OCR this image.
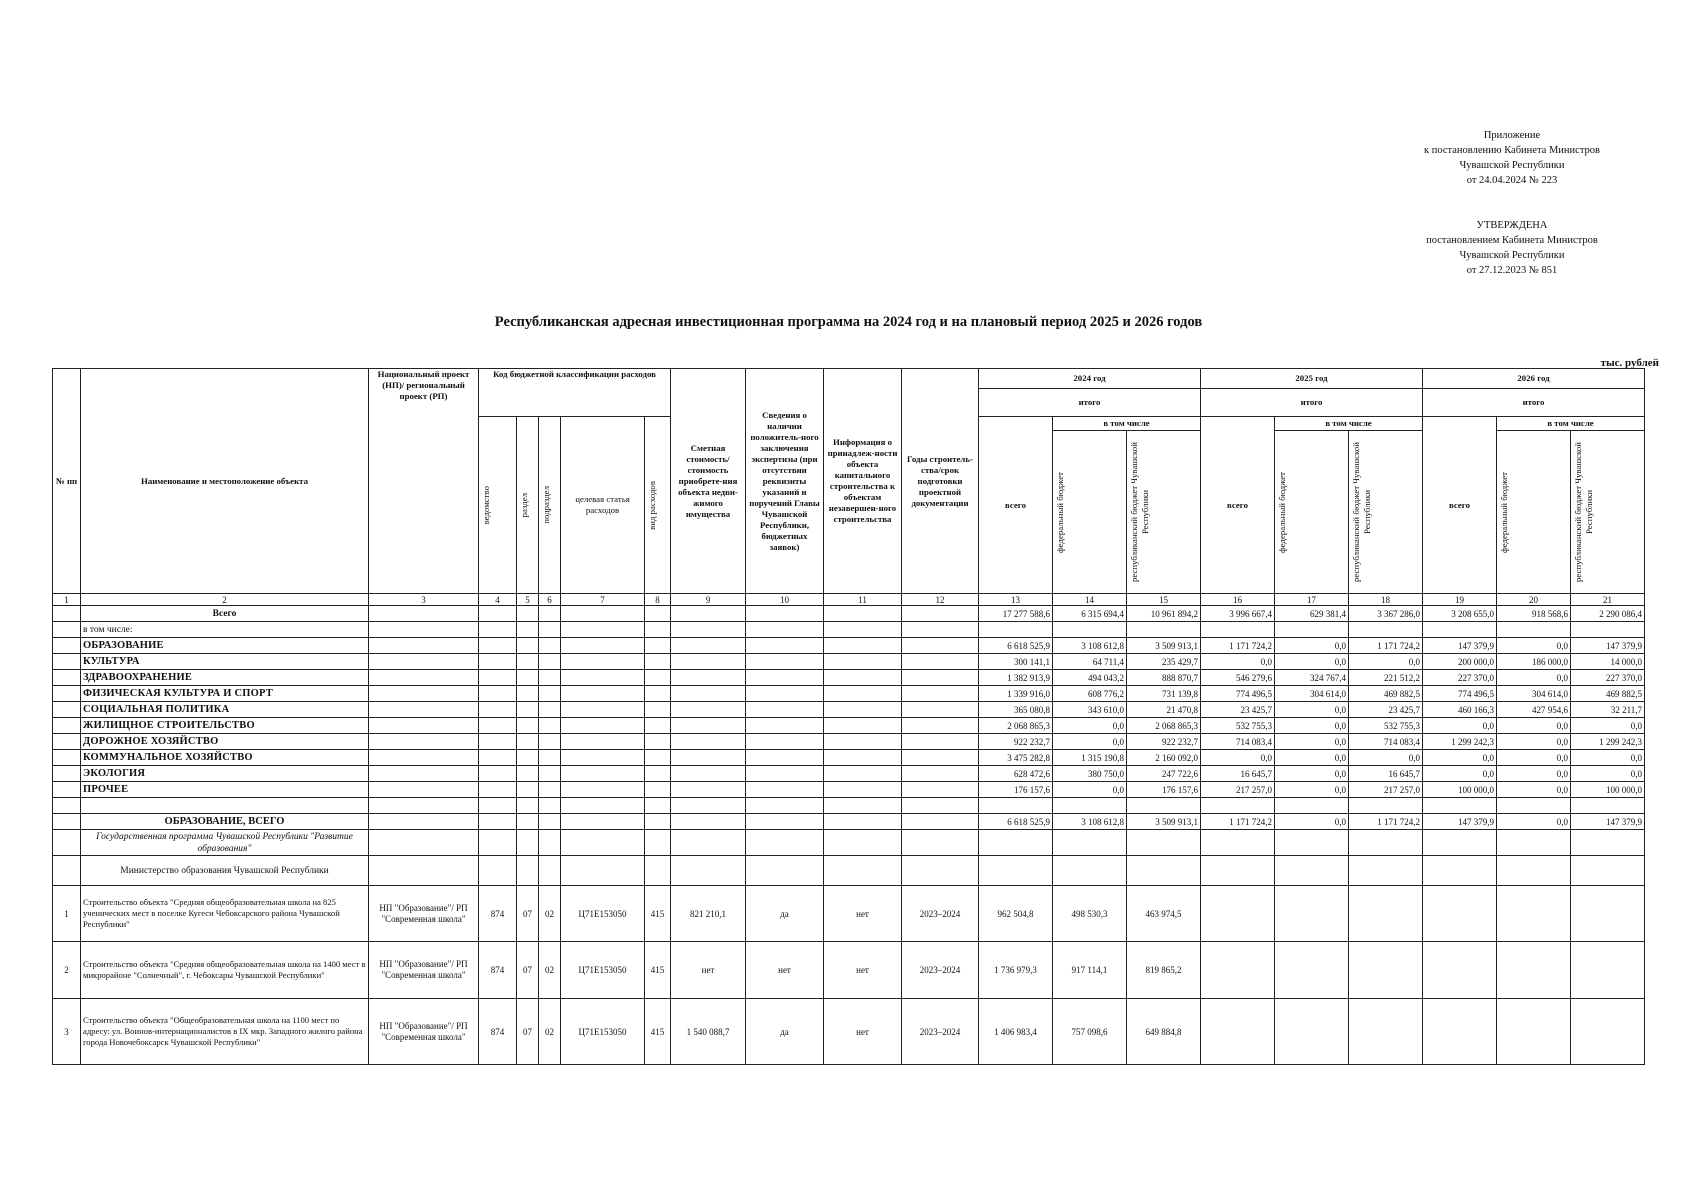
Приложение
к постановлению Кабинета Министров
Чувашской Республики
от 24.04.2024 № 223
УТВЕРЖДЕНА
постановлением Кабинета Министров
Чувашской Республики
от 27.12.2023 № 851
Республиканская адресная инвестиционная программа на 2024 год и на плановый период 2025 и 2026 годов
тыс. рублей
№ пп	Наименование и местоположение объекта	Национальный проект (НП)/ региональный проект (РП)	Код бюджетной классификации расходов					Сметная стоимость/ стоимость приобрете-ния объекта недви-жимого имущества	Сведения о наличии положитель-ного заключения экспертизы (при отсутствии реквизиты указаний и поручений Главы Чувашской Республики, бюджетных заявок)	Информация о принадлеж-ности объекта капитального строительства к объектам незавершен-ного строительства	Годы строитель-ства/срок подготовки проектной документации	2024 год			2025 год			2026 год		
												итого			итого			итого		

			ведомство	раздел	подраздел	целевая статья расходов	вид расходов					всего	в том числе		всего	в том числе		всего	в том числе	

													федеральный бюджет	республиканский бюджет Чувашской Республики		федеральный бюджет	республиканский бюджет Чувашской Республики		федеральный бюджет	республиканский бюджет Чувашской Республики

1	2	3	4	5	6	7	8	9	10	11	12	13	14	15	16	17	18	19	20	21
	Всего											17 277 588,6	6 315 694,4	10 961 894,2	3 996 667,4	629 381,4	3 367 286,0	3 208 655,0	918 568,6	2 290 086,4
	в том числе:																			
	ОБРАЗОВАНИЕ											6 618 525,9	3 108 612,8	3 509 913,1	1 171 724,2	0,0	1 171 724,2	147 379,9	0,0	147 379,9
	КУЛЬТУРА											300 141,1	64 711,4	235 429,7	0,0	0,0	0,0	200 000,0	186 000,0	14 000,0
	ЗДРАВООХРАНЕНИЕ											1 382 913,9	494 043,2	888 870,7	546 279,6	324 767,4	221 512,2	227 370,0	0,0	227 370,0
	ФИЗИЧЕСКАЯ КУЛЬТУРА И СПОРТ											1 339 916,0	608 776,2	731 139,8	774 496,5	304 614,0	469 882,5	774 496,5	304 614,0	469 882,5
	СОЦИАЛЬНАЯ ПОЛИТИКА											365 080,8	343 610,0	21 470,8	23 425,7	0,0	23 425,7	460 166,3	427 954,6	32 211,7
	ЖИЛИЩНОЕ СТРОИТЕЛЬСТВО											2 068 865,3	0,0	2 068 865,3	532 755,3	0,0	532 755,3	0,0	0,0	0,0
	ДОРОЖНОЕ ХОЗЯЙСТВО											922 232,7	0,0	922 232,7	714 083,4	0,0	714 083,4	1 299 242,3	0,0	1 299 242,3
	КОММУНАЛЬНОЕ ХОЗЯЙСТВО											3 475 282,8	1 315 190,8	2 160 092,0	0,0	0,0	0,0	0,0	0,0	0,0
	ЭКОЛОГИЯ											628 472,6	380 750,0	247 722,6	16 645,7	0,0	16 645,7	0,0	0,0	0,0
	ПРОЧЕЕ											176 157,6	0,0	176 157,6	217 257,0	0,0	217 257,0	100 000,0	0,0	100 000,0

	ОБРАЗОВАНИЕ, ВСЕГО											6 618 525,9	3 108 612,8	3 509 913,1	1 171 724,2	0,0	1 171 724,2	147 379,9	0,0	147 379,9
	Государственная программа Чувашской Республики "Развитие образования"																			
	Министерство образования Чувашской Республики																			
1	Строительство объекта "Средняя общеобразовательная школа на 825 ученических мест в поселке Кугеси Чебоксарского района Чувашской Республики"	НП "Образование"/ РП "Современная школа"	874	07	02	Ц71Е153050	415	821 210,1	да	нет	2023–2024	962 504,8	498 530,3	463 974,5						
2	Строительство объекта "Средняя общеобразовательная школа на 1400 мест в микрорайоне "Солнечный", г. Чебоксары Чувашской Республики"	НП "Образование"/ РП "Современная школа"	874	07	02	Ц71Е153050	415	нет	нет	нет	2023–2024	1 736 979,3	917 114,1	819 865,2						
3	Строительство объекта "Общеобразовательная школа на 1100 мест по адресу: ул. Воинов-интернационалистов в IX мкр. Западного жилого района города Новочебоксарск Чувашской Республики"	НП "Образование"/ РП "Современная школа"	874	07	02	Ц71Е153050	415	1 540 088,7	да	нет	2023–2024	1 406 983,4	757 098,6	649 884,8						
